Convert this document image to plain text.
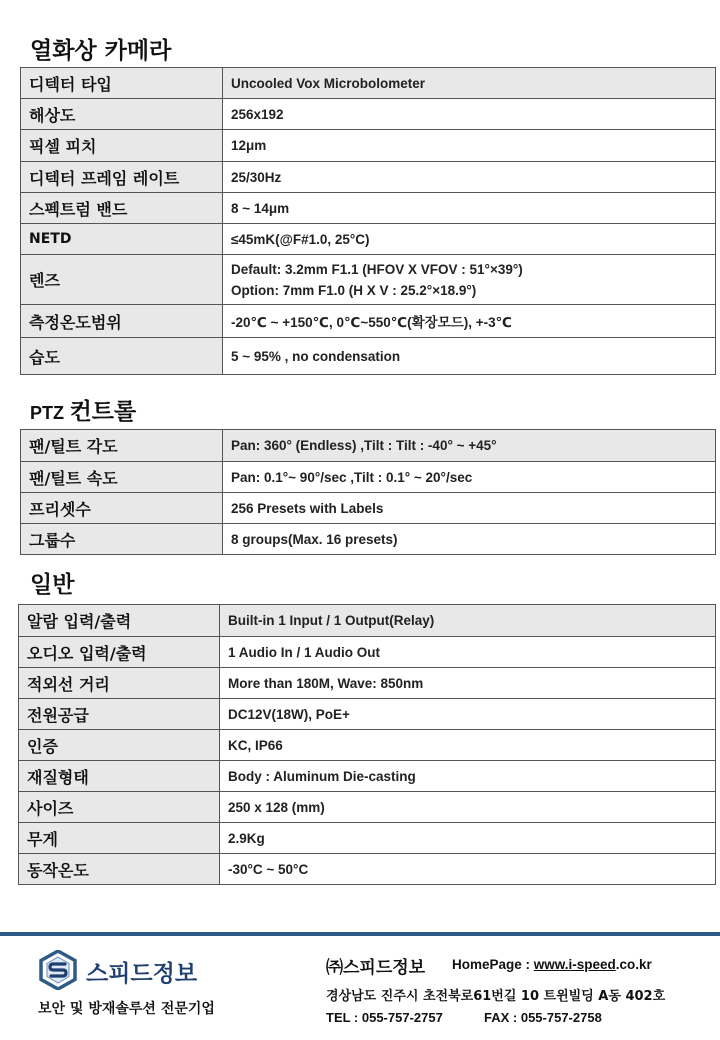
열화상 카메라
디텍터 타입	Uncooled Vox Microbolometer
해상도	256x192
픽셀 피치	12μm
디텍터 프레임 레이트	25/30Hz
스펙트럼 밴드	8 ~ 14μm
NETD	≤45mK(@F#1.0, 25°C)
렌즈	Default: 3.2mm F1.1 (HFOV X VFOV : 51°×39°)
Option: 7mm F1.0 (H X V : 25.2°×18.9°)

측정온도범위	-20℃ ~ +150℃, 0℃~550℃(확장모드), +-3℃
습도	5 ~ 95% , no condensation
PTZ 컨트롤
팬/틸트 각도	Pan: 360° (Endless) ,Tilt : Tilt : -40° ~ +45°
팬/틸트 속도	Pan: 0.1°~ 90°/sec ,Tilt : 0.1° ~ 20°/sec
프리셋수	256 Presets with Labels
그룹수	8 groups(Max. 16 presets)
일반
알람 입력/출력	Built-in 1 Input / 1 Output(Relay)
오디오 입력/출력	1 Audio In / 1 Audio Out
적외선 거리	More than 180M, Wave: 850nm
전원공급	DC12V(18W), PoE+
인증	KC, IP66
재질형태	Body : Aluminum Die-casting
사이즈	250 x 128 (mm)
무게	2.9Kg
동작온도	-30°C ~ 50°C
스피드정보
보안 및 방재솔루션 전문기업
㈜스피드정보 HomePage : www.i-speed.co.kr
경상남도 진주시 초전북로61번길 10 트윈빌딩 A동 402호
TEL : 055-757-2757	FAX : 055-757-2758
